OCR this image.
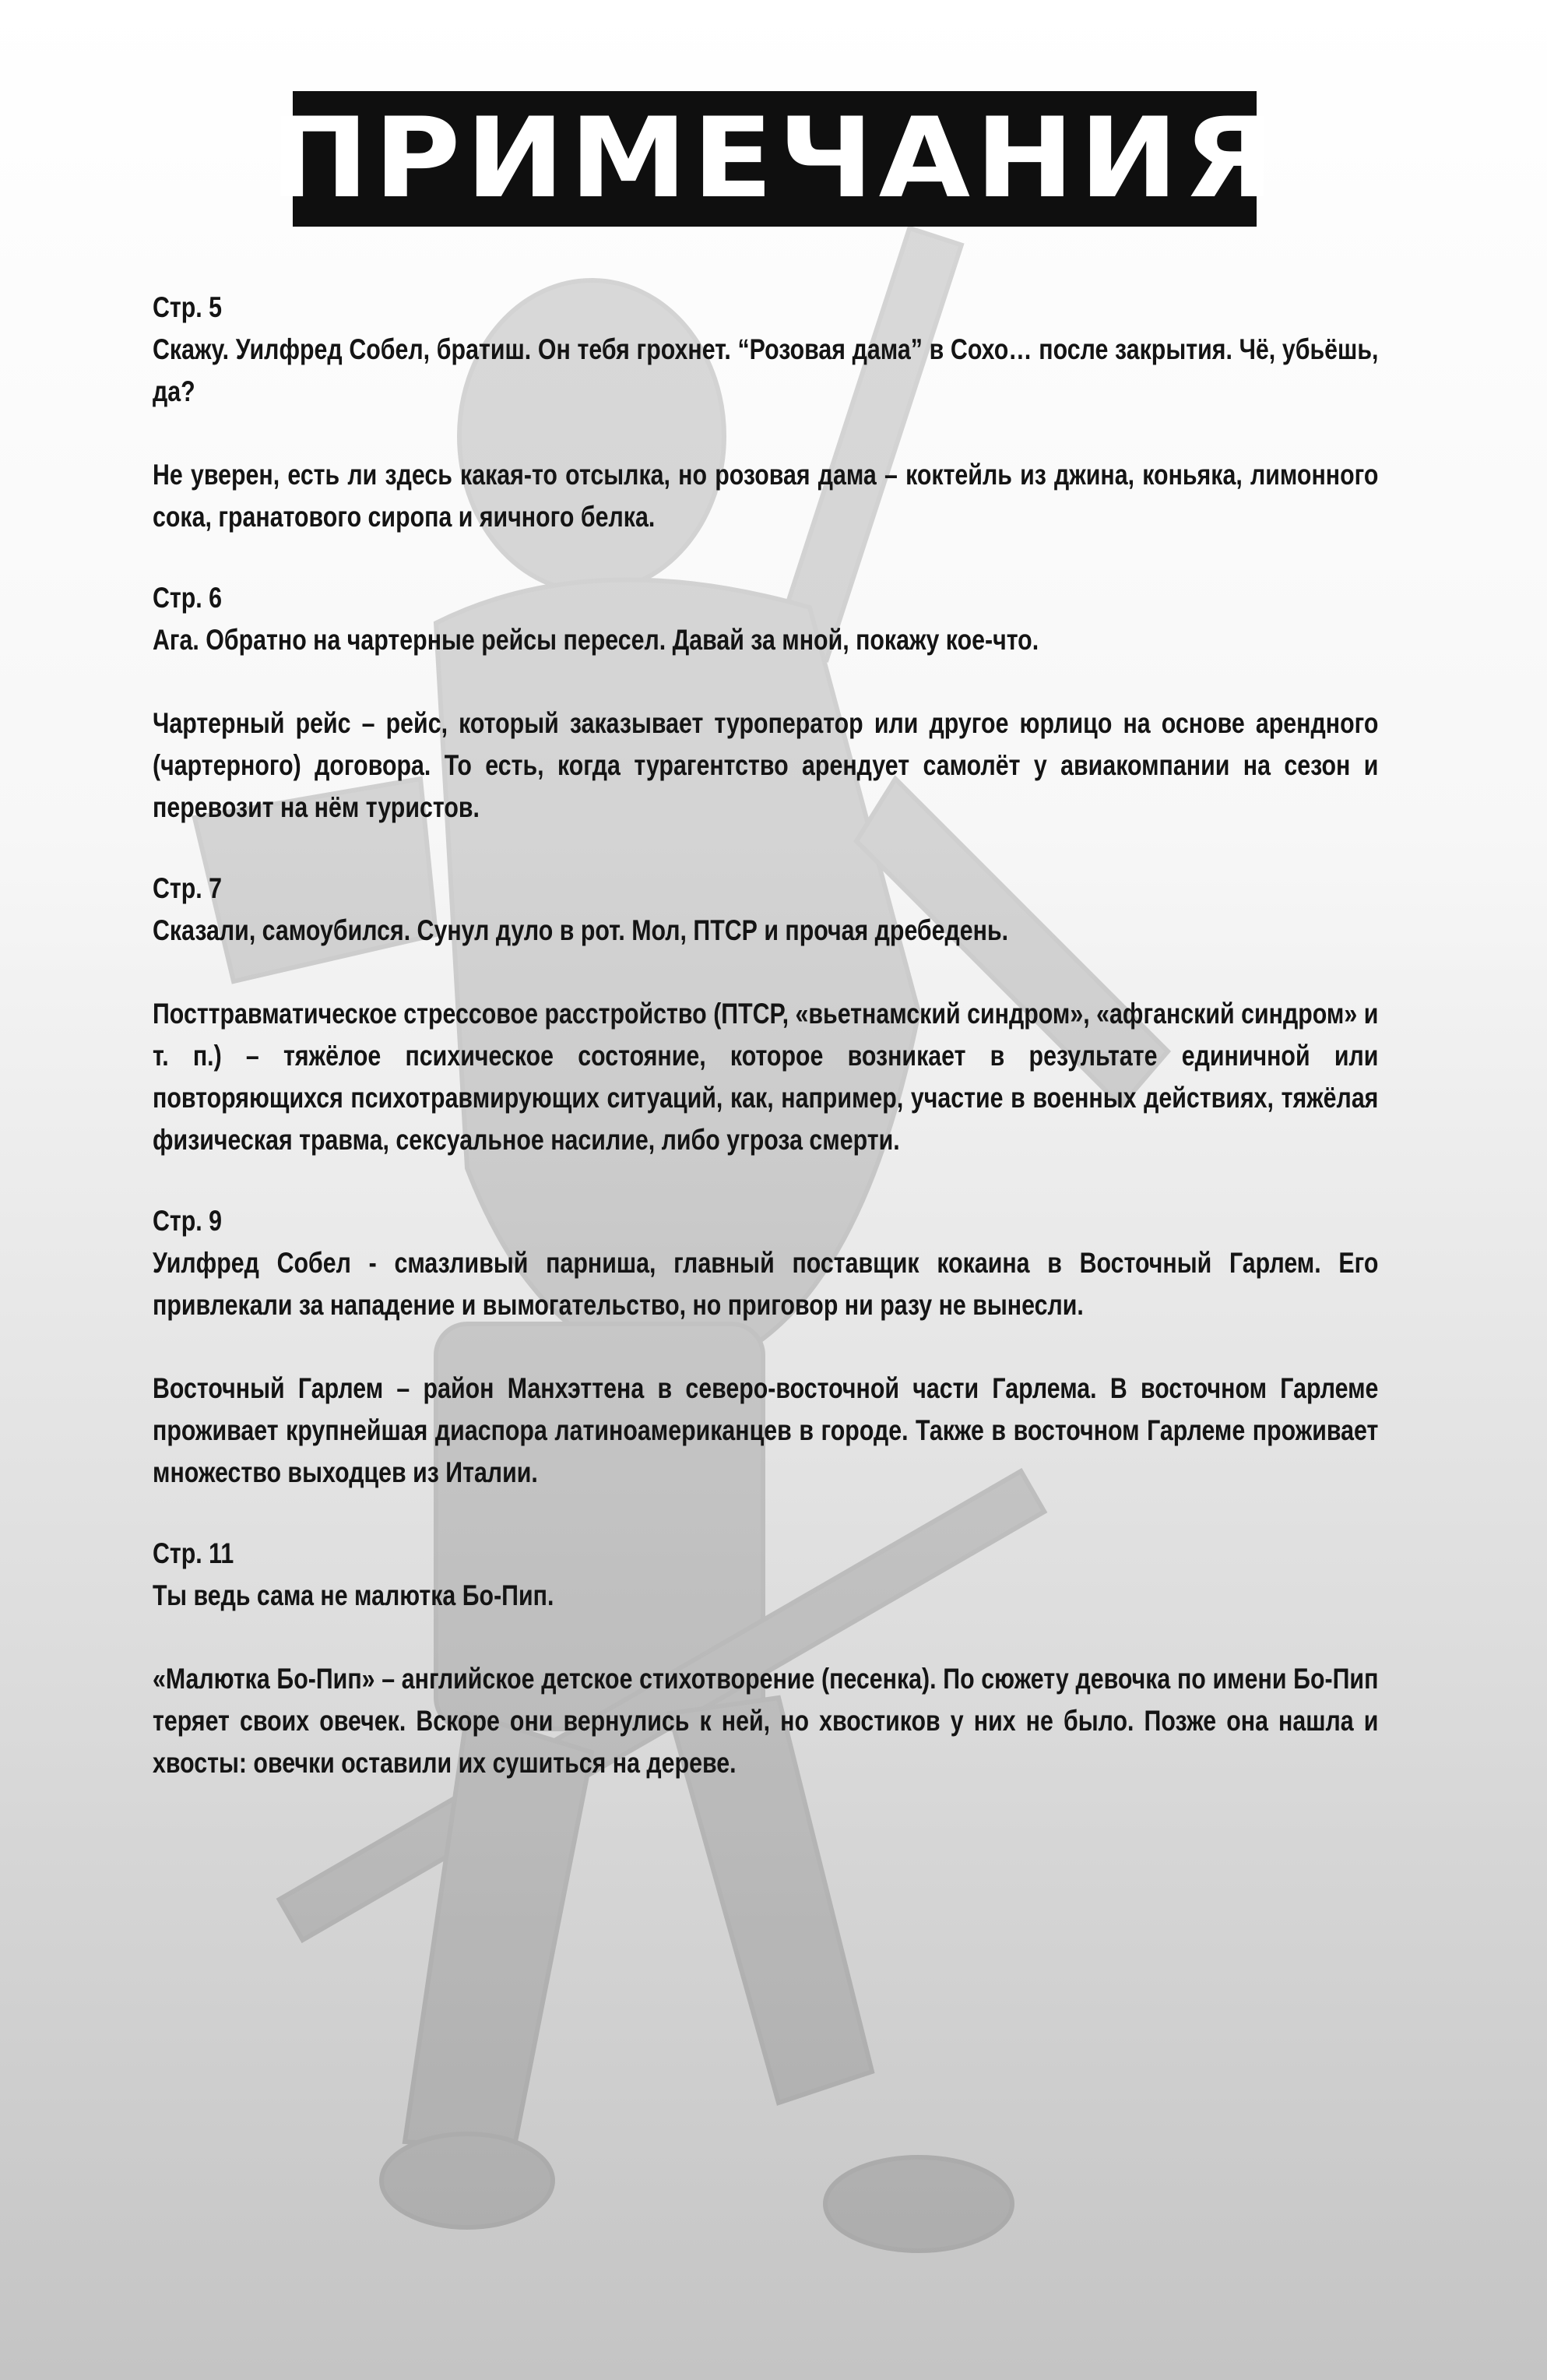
ПРИМЕЧАНИЯ
Стр. 5
Скажу. Уилфред Собел, братиш. Он тебя грохнет. “Розовая дама” в Сохо… после закрытия. Чё, убьёшь, да?
Не уверен, есть ли здесь какая-то отсылка, но розовая дама – коктейль из джина, коньяка, лимонного сока, гранатового сиропа и яичного белка.
Стр. 6
Ага. Обратно на чартерные рейсы пересел. Давай за мной, покажу кое-что.
Чартерный рейс – рейс, который заказывает туроператор или другое юрлицо на основе арендного (чартерного) договора. То есть, когда турагентство арендует самолёт у авиакомпании на сезон и перевозит на нём туристов.
Стр. 7
Сказали, самоубился. Сунул дуло в рот. Мол, ПТСР и прочая дребедень.
Посттравматическое стрессовое расстройство (ПТСР, «вьетнамский синдром», «афганский синдром» и т. п.) – тяжёлое психическое состояние, которое возникает в результате единичной или повторяющихся психотравмирующих ситуаций, как, например, участие в военных действиях, тяжёлая физическая травма, сексуальное насилие, либо угроза смерти.
Стр. 9
Уилфред Собел - смазливый парниша, главный поставщик кокаина в Восточный Гарлем. Его привлекали за нападение и вымогательство, но приговор ни разу не вынесли.
Восточный Гарлем – район Манхэттена в северо-восточной части Гарлема. В восточном Гарлеме проживает крупнейшая диаспора латиноамериканцев в городе. Также в восточном Гарлеме проживает множество выходцев из Италии.
Стр. 11
Ты ведь сама не малютка Бо-Пип.
«Малютка Бо-Пип» – английское детское стихотворение (песенка). По сюжету девочка по имени Бо-Пип теряет своих овечек. Вскоре они вернулись к ней, но хвостиков у них не было. Позже она нашла и хвосты: овечки оставили их сушиться на дереве.
